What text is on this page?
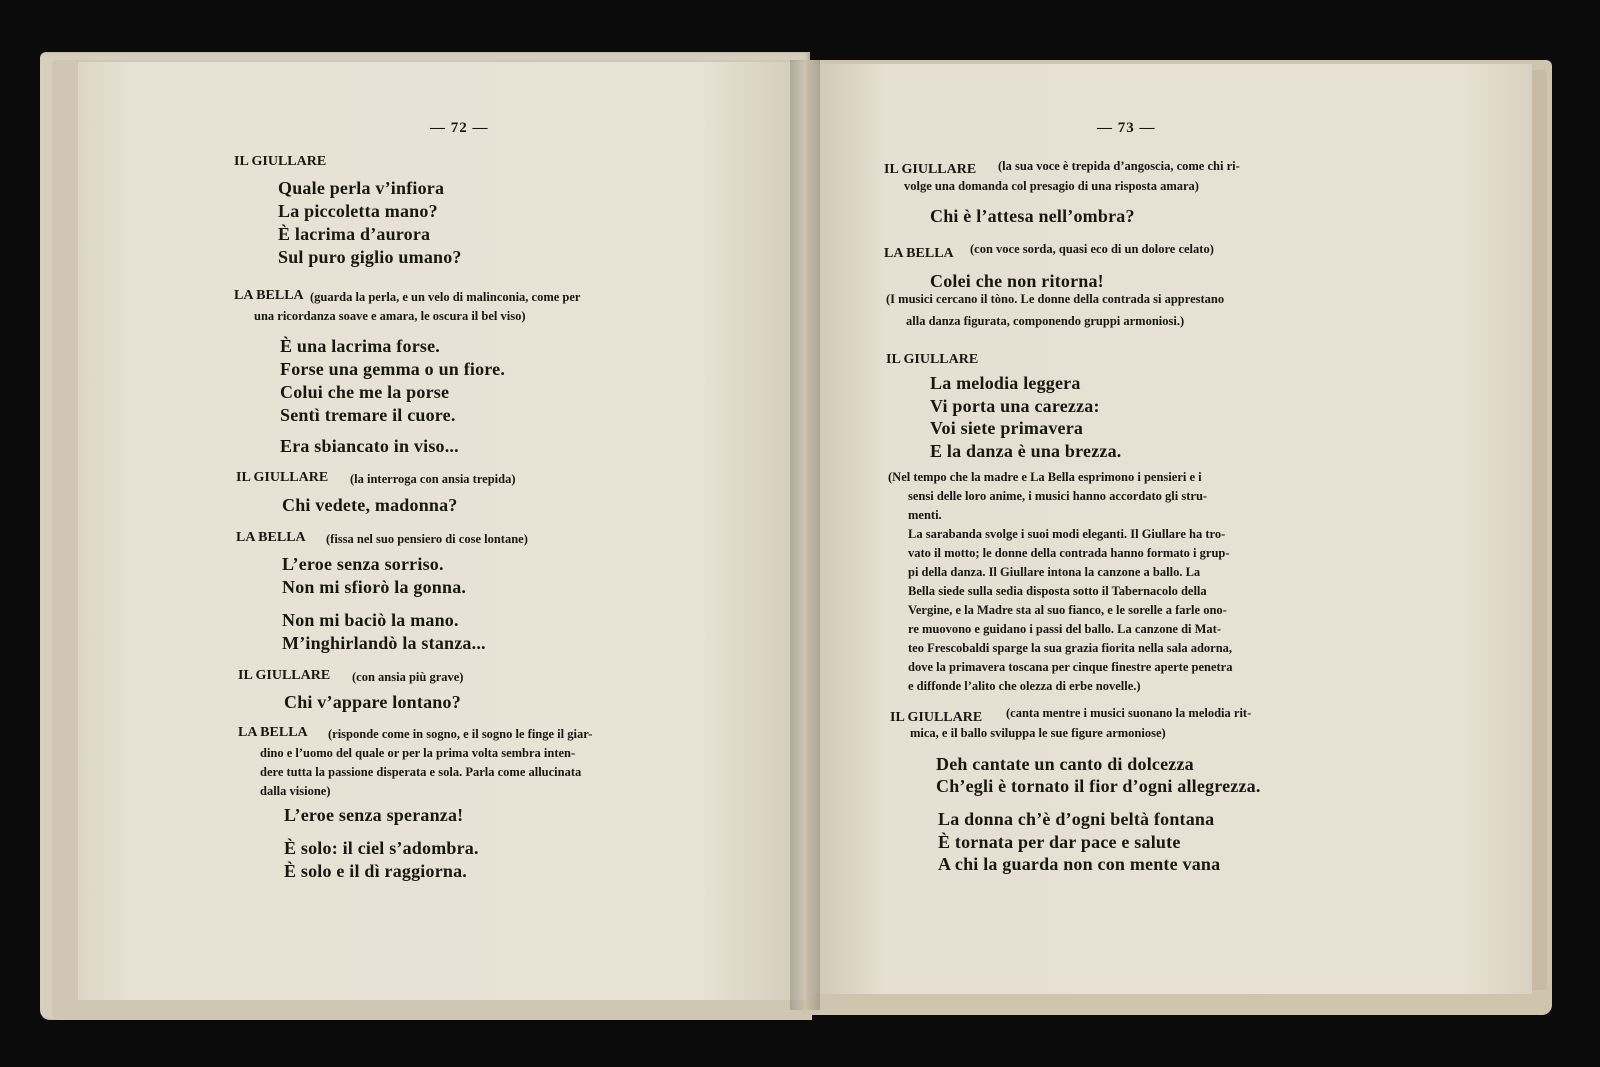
— 72 —
IL GIULLARE
Quale perla v’infiora
La piccoletta mano?
È lacrima d’aurora
Sul puro giglio umano?
LA BELLA (guarda la perla, e un velo di malinconia, come per
una ricordanza soave e amara, le oscura il bel viso)
È una lacrima forse.
Forse una gemma o un fiore.
Colui che me la porse
Sentì tremare il cuore.
Era sbiancato in viso...
IL GIULLARE (la interroga con ansia trepida)
Chi vedete, madonna?
LA BELLA (fissa nel suo pensiero di cose lontane)
L’eroe senza sorriso.
Non mi sfiorò la gonna.
Non mi baciò la mano.
M’inghirlandò la stanza...
IL GIULLARE (con ansia più grave)
Chi v’appare lontano?
LA BELLA (risponde come in sogno, e il sogno le finge il giar-
dino e l’uomo del quale or per la prima volta sembra inten-
dere tutta la passione disperata e sola. Parla come allucinata
dalla visione)
L’eroe senza speranza!
È solo: il ciel s’adombra.
È solo e il dì raggiorna.
— 73 —
IL GIULLARE (la sua voce è trepida d’angoscia, come chi ri-
volge una domanda col presagio di una risposta amara)
Chi è l’attesa nell’ombra?
LA BELLA (con voce sorda, quasi eco di un dolore celato)
Colei che non ritorna!
(I musici cercano il tòno. Le donne della contrada si apprestano
alla danza figurata, componendo gruppi armoniosi.)
IL GIULLARE
La melodia leggera
Vi porta una carezza:
Voi siete primavera
E la danza è una brezza.
(Nel tempo che la madre e La Bella esprimono i pensieri e i
sensi delle loro anime, i musici hanno accordato gli stru-
menti.
La sarabanda svolge i suoi modi eleganti. Il Giullare ha tro-
vato il motto; le donne della contrada hanno formato i grup-
pi della danza. Il Giullare intona la canzone a ballo. La
Bella siede sulla sedia disposta sotto il Tabernacolo della
Vergine, e la Madre sta al suo fianco, e le sorelle a farle ono-
re muovono e guidano i passi del ballo. La canzone di Mat-
teo Frescobaldi sparge la sua grazia fiorita nella sala adorna,
dove la primavera toscana per cinque finestre aperte penetra
e diffonde l’alito che olezza di erbe novelle.)
IL GIULLARE (canta mentre i musici suonano la melodia rit-
mica, e il ballo sviluppa le sue figure armoniose)
Deh cantate un canto di dolcezza
Ch’egli è tornato il fior d’ogni allegrezza.
La donna ch’è d’ogni beltà fontana
È tornata per dar pace e salute
A chi la guarda non con mente vana
